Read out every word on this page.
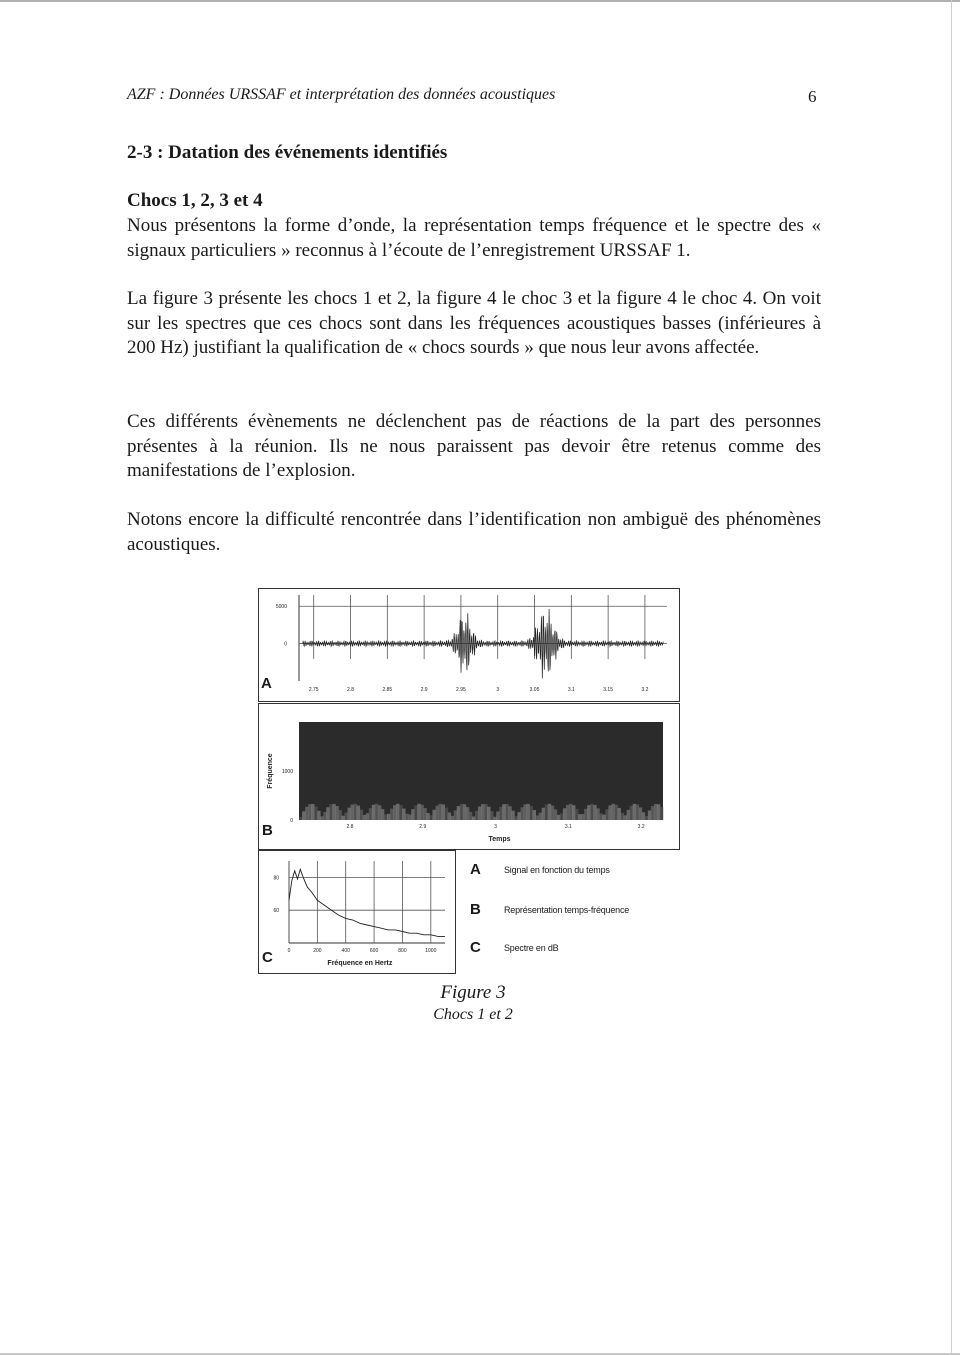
AZF : Données URSSAF et interprétation des données acoustiques	6
2-3 : Datation des événements identifiés
Chocs 1, 2, 3 et 4
Nous présentons la forme d’onde, la représentation temps fréquence et le spectre des « signaux particuliers » reconnus à l’écoute de l’enregistrement URSSAF 1.
La figure 3 présente les chocs 1 et 2, la figure 4 le choc 3 et la figure 4 le choc 4. On voit sur les spectres que ces chocs sont dans les fréquences acoustiques basses (inférieures à 200 Hz) justifiant la qualification de « chocs sourds » que nous leur avons affectée.
Ces différents évènements ne déclenchent pas de réactions de la part des personnes présentes à la réunion. Ils ne nous paraissent pas devoir être retenus comme des manifestations de l’explosion.
Notons encore la difficulté rencontrée dans l’identification non ambiguë des phénomènes acoustiques.
5000
0
2.75	2.8	2.85	2.9	2.95	3	3.05	3.1	3.15	3.2
A
1000
0
2.8	2.9	3	3.1	3.2
Temps
Fréquence
B
80
60
0	200	400	600	800	1000
Fréquence en Hertz
C
A	Signal en fonction du temps
B	Représentation temps-fréquence
C	Spectre en dB
Figure 3
Chocs 1 et 2
